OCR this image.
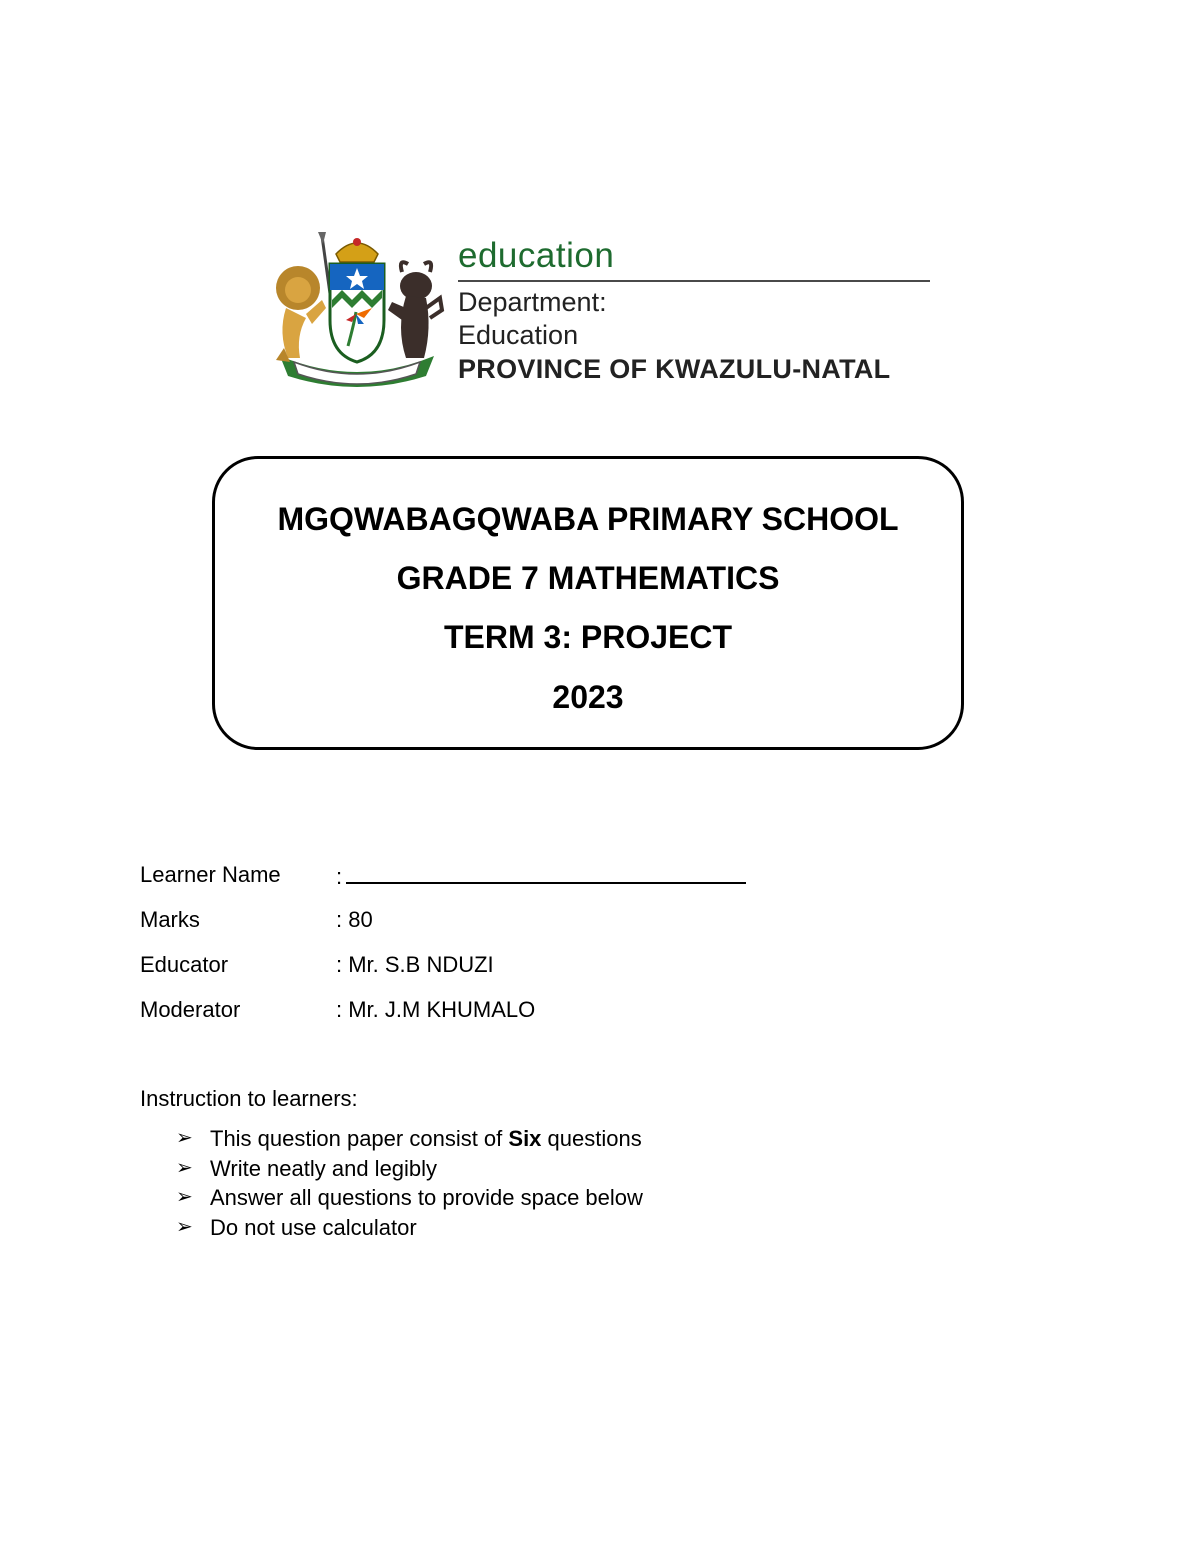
education
Department:
Education
PROVINCE OF KWAZULU-NATAL
MGQWABAGQWABA PRIMARY SCHOOL
GRADE 7 MATHEMATICS
TERM 3: PROJECT
2023
Learner Name	:
Marks	: 80
Educator	: Mr. S.B NDUZI
Moderator	: Mr. J.M KHUMALO
Instruction to learners:
➢ This question paper consist of Six questions
➢ Write neatly and legibly
➢ Answer all questions to provide space below
➢ Do not use calculator
